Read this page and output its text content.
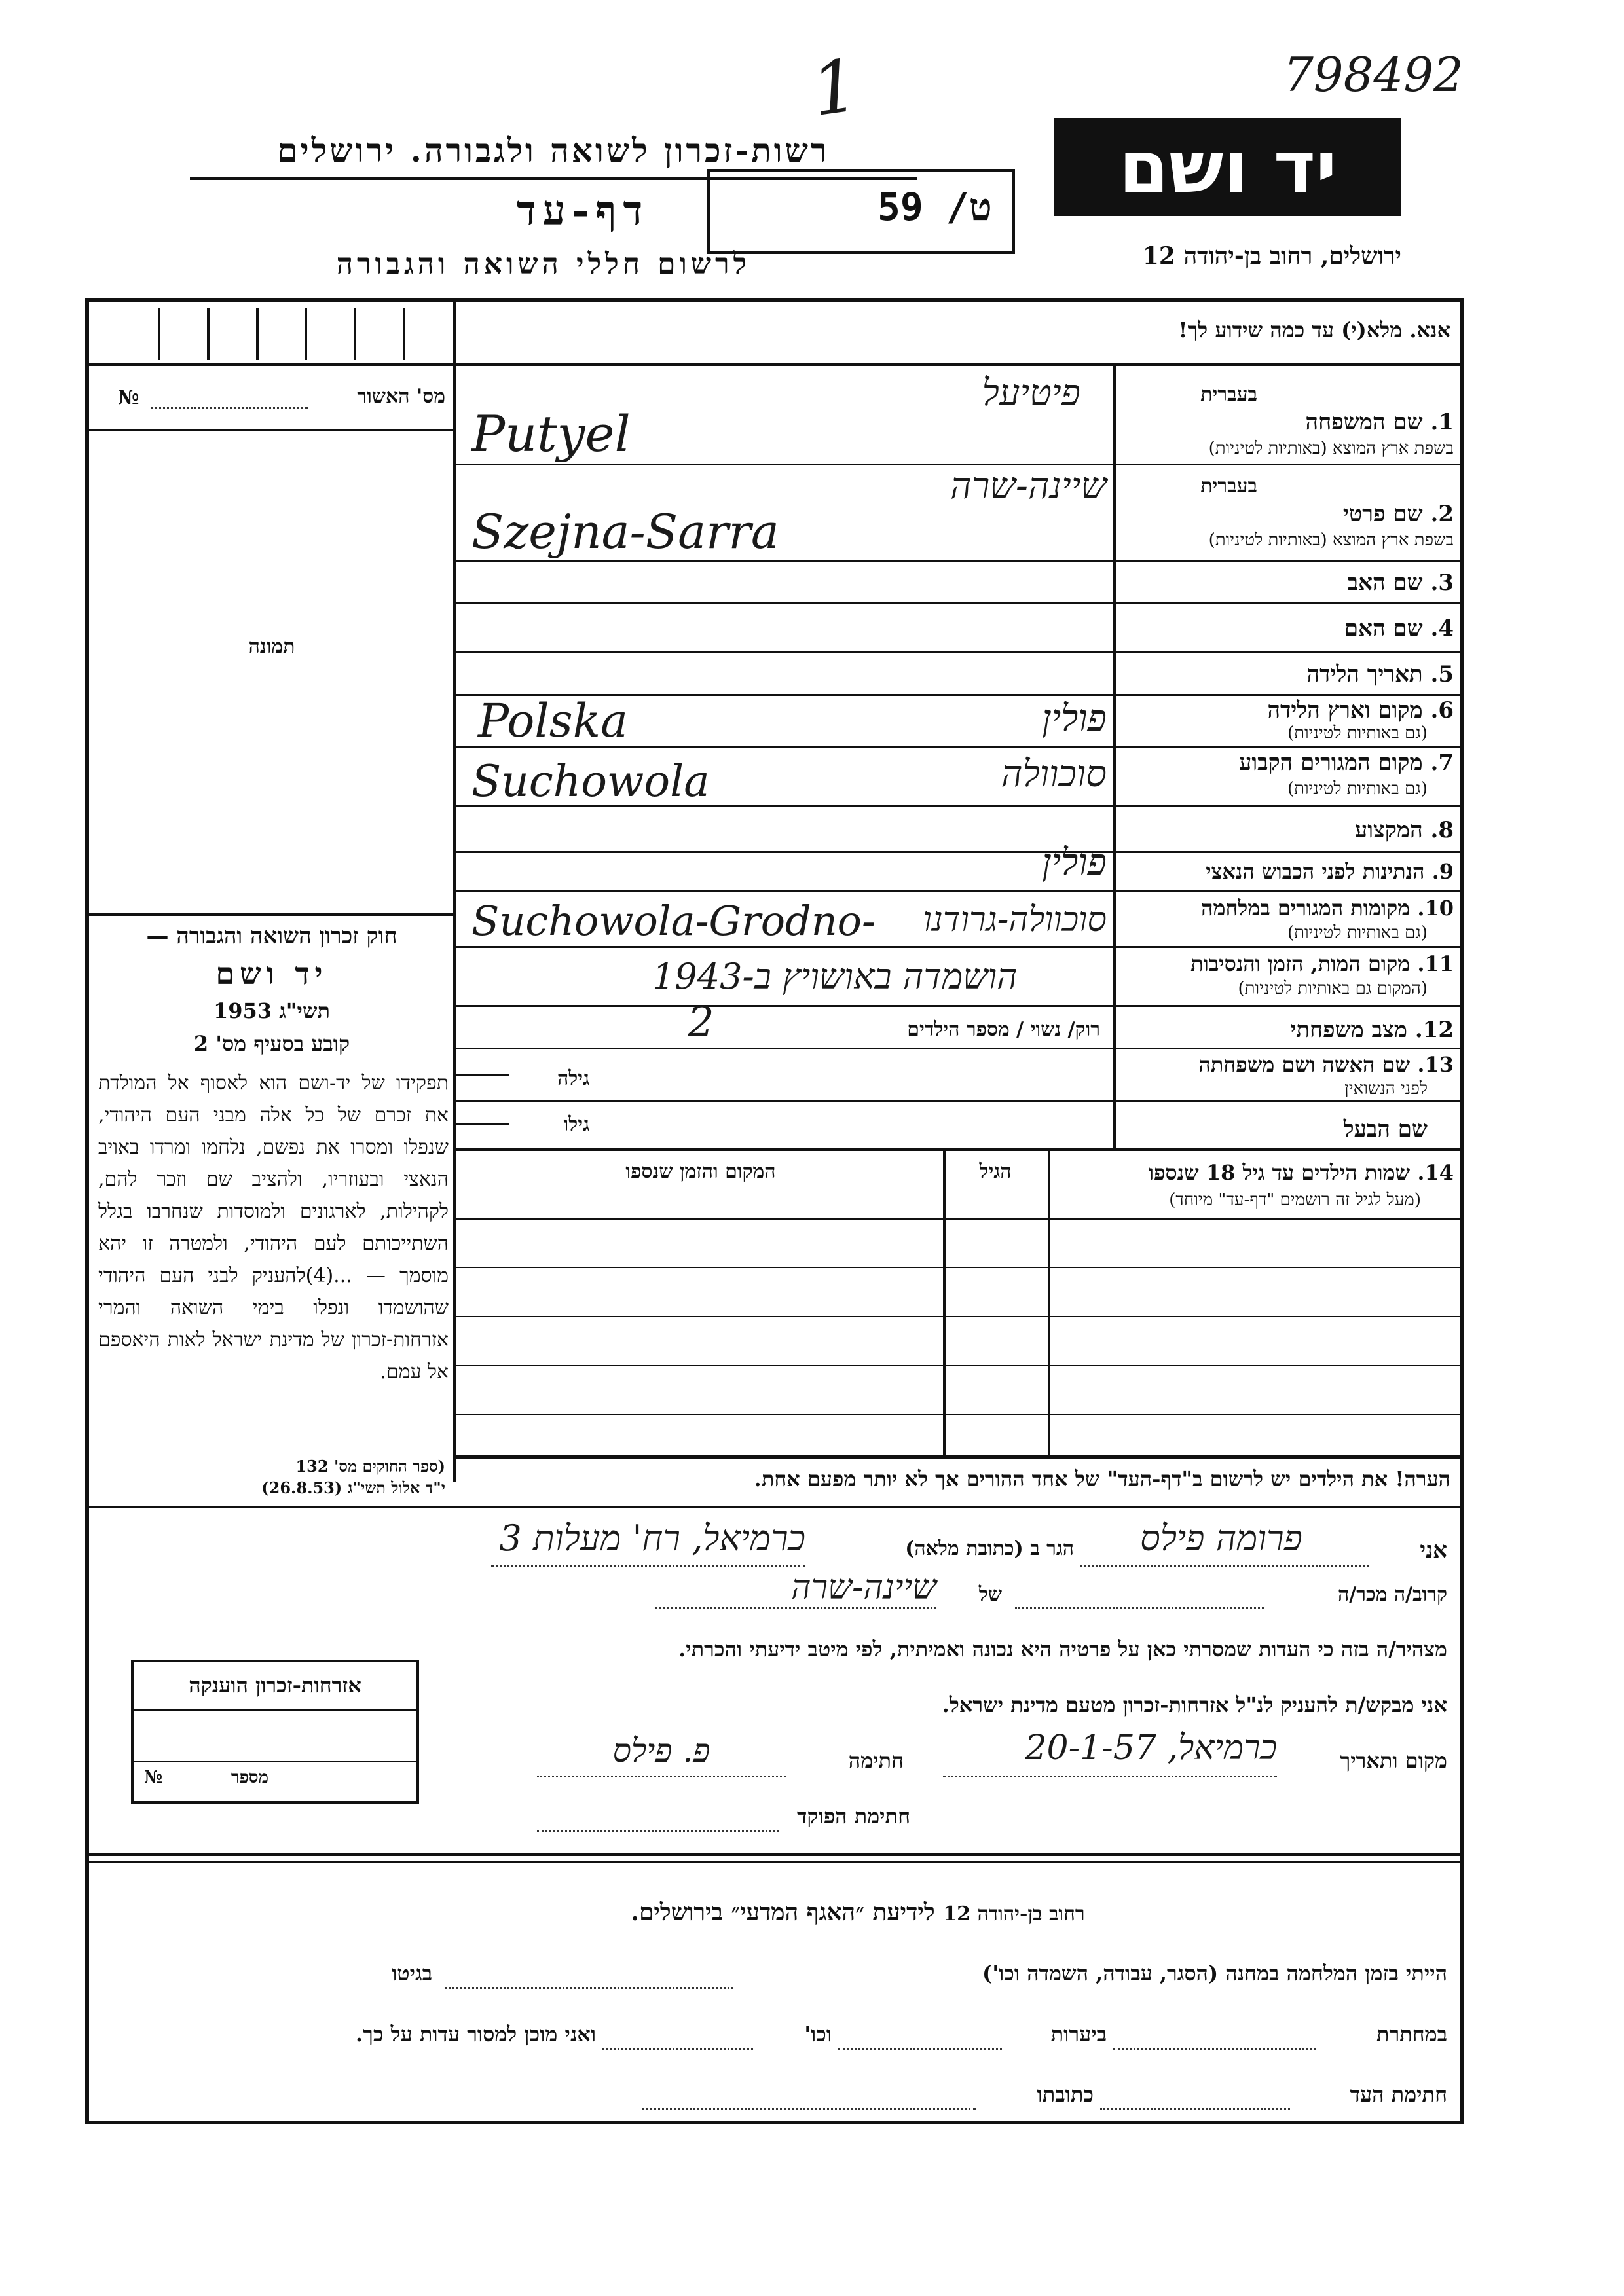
1	798492
רשות-זכרון לשואה ולגבורה. ירושלים
דף-עד	59 /ט
לרשום חללי השואה והגבורה
יד ושם
ירושלים, רחוב בן-יהודה 12
מס' האשור
№
תמונה
חוק זכרון השואה והגבורה —
יד ושם
1953 תשי"ג
קובע בסעיף מס' 2
תפקידו של יד-ושם הוא לאסוף אל המולדת את זכרם של כל אלה מבני העם היהודי, שנפלו ומסרו את נפשם, נלחמו ומרדו באויב הנאצי ובעוזריו, ולהציב שם וזכר להם, לקהילות, לארגונים ולמוסדות שנחרבו בגלל השתייכותם לעם היהודי, ולמטרה זו יהא מוסמך — ...(4)להעניק לבני העם היהודי שהושמדו ונפלו בימי השואה והמרי אזרחות-זכרון של מדינת ישראל לאות היאספם אל עמם.
(ספר החוקים מס' 132
י"ד אלול תשי"ג (26.8.53)
אנא. מלא(י) עד כמה שידוע לך!
בעברית
1. שם המשפחה
בשפת ארץ המוצא (באותיות לטיניות)
פיטיעל
Putyel
בעברית
2. שם פרטי
בשפת ארץ המוצא (באותיות לטיניות)
שיינה-שרה
Szejna-Sarra
3. שם האב
4. שם האם
5. תאריך הלידה
6. מקום וארץ הלידה
(גם באותיות לטיניות)
פולין
Polska
7. מקום המגורים הקבוע
(גם באותיות לטיניות)
סוכוולה
Suchowola
8. המקצוע
9. הנתינות לפני הכבוש הנאצי
פולין
10. מקומות המגורים במלחמה
(גם באותיות לטיניות)
סוכוולה-גרודנו
Suchowola-Grodno-
11. מקום המות, הזמן והנסיבות
(המקום גם באותיות לטיניות)
הושמדה באושויץ ב-1943
12. מצב משפחתי
רוק/ נשוי / מספר הילדים
2
13. שם האשה ושם משפחתה
לפני הנשואין
גילה
שם הבעל
גילו
14. שמות הילדים עד גיל 18 שנספו
(מעל לגיל זה רושמים "דף-עד" מיוחד)
הגיל
המקום והזמן שנספו
הערה! את הילדים יש לרשום ב"דף-העד" של אחד ההורים אך לא יותר מפעם אחת.
אני
פרומה פילס
הגר ב (כתובת מלאה)
כרמיאל, רח' מעלות 3
קרוב/ה מכר/ה
של
שיינה-שרה
מצהיר/ה בזה כי העדות שמסרתי כאן על פרטיה היא נכונה ואמיתית, לפי מיטב ידיעתי והכרתי.
אני מבקש/ת להעניק לנ"ל אזרחות-זכרון מטעם מדינת ישראל.
מקום ותאריך
כרמיאל, 20-1-57
חתימה
פ. פילס
חתימת הפוקד
אזרחות-זכרון הוענקה
מספר
№
לידיעת ״האגף המדעי״ בירושלים. רחוב בן-יהודה 12
הייתי בזמן המלחמה במחנה (הסגר, עבודה, השמדה וכו')
בגיטו
במחתרת
ביערות
וכו'
ואני מוכן למסור עדות על כך.
חתימת העד
כתובתו
